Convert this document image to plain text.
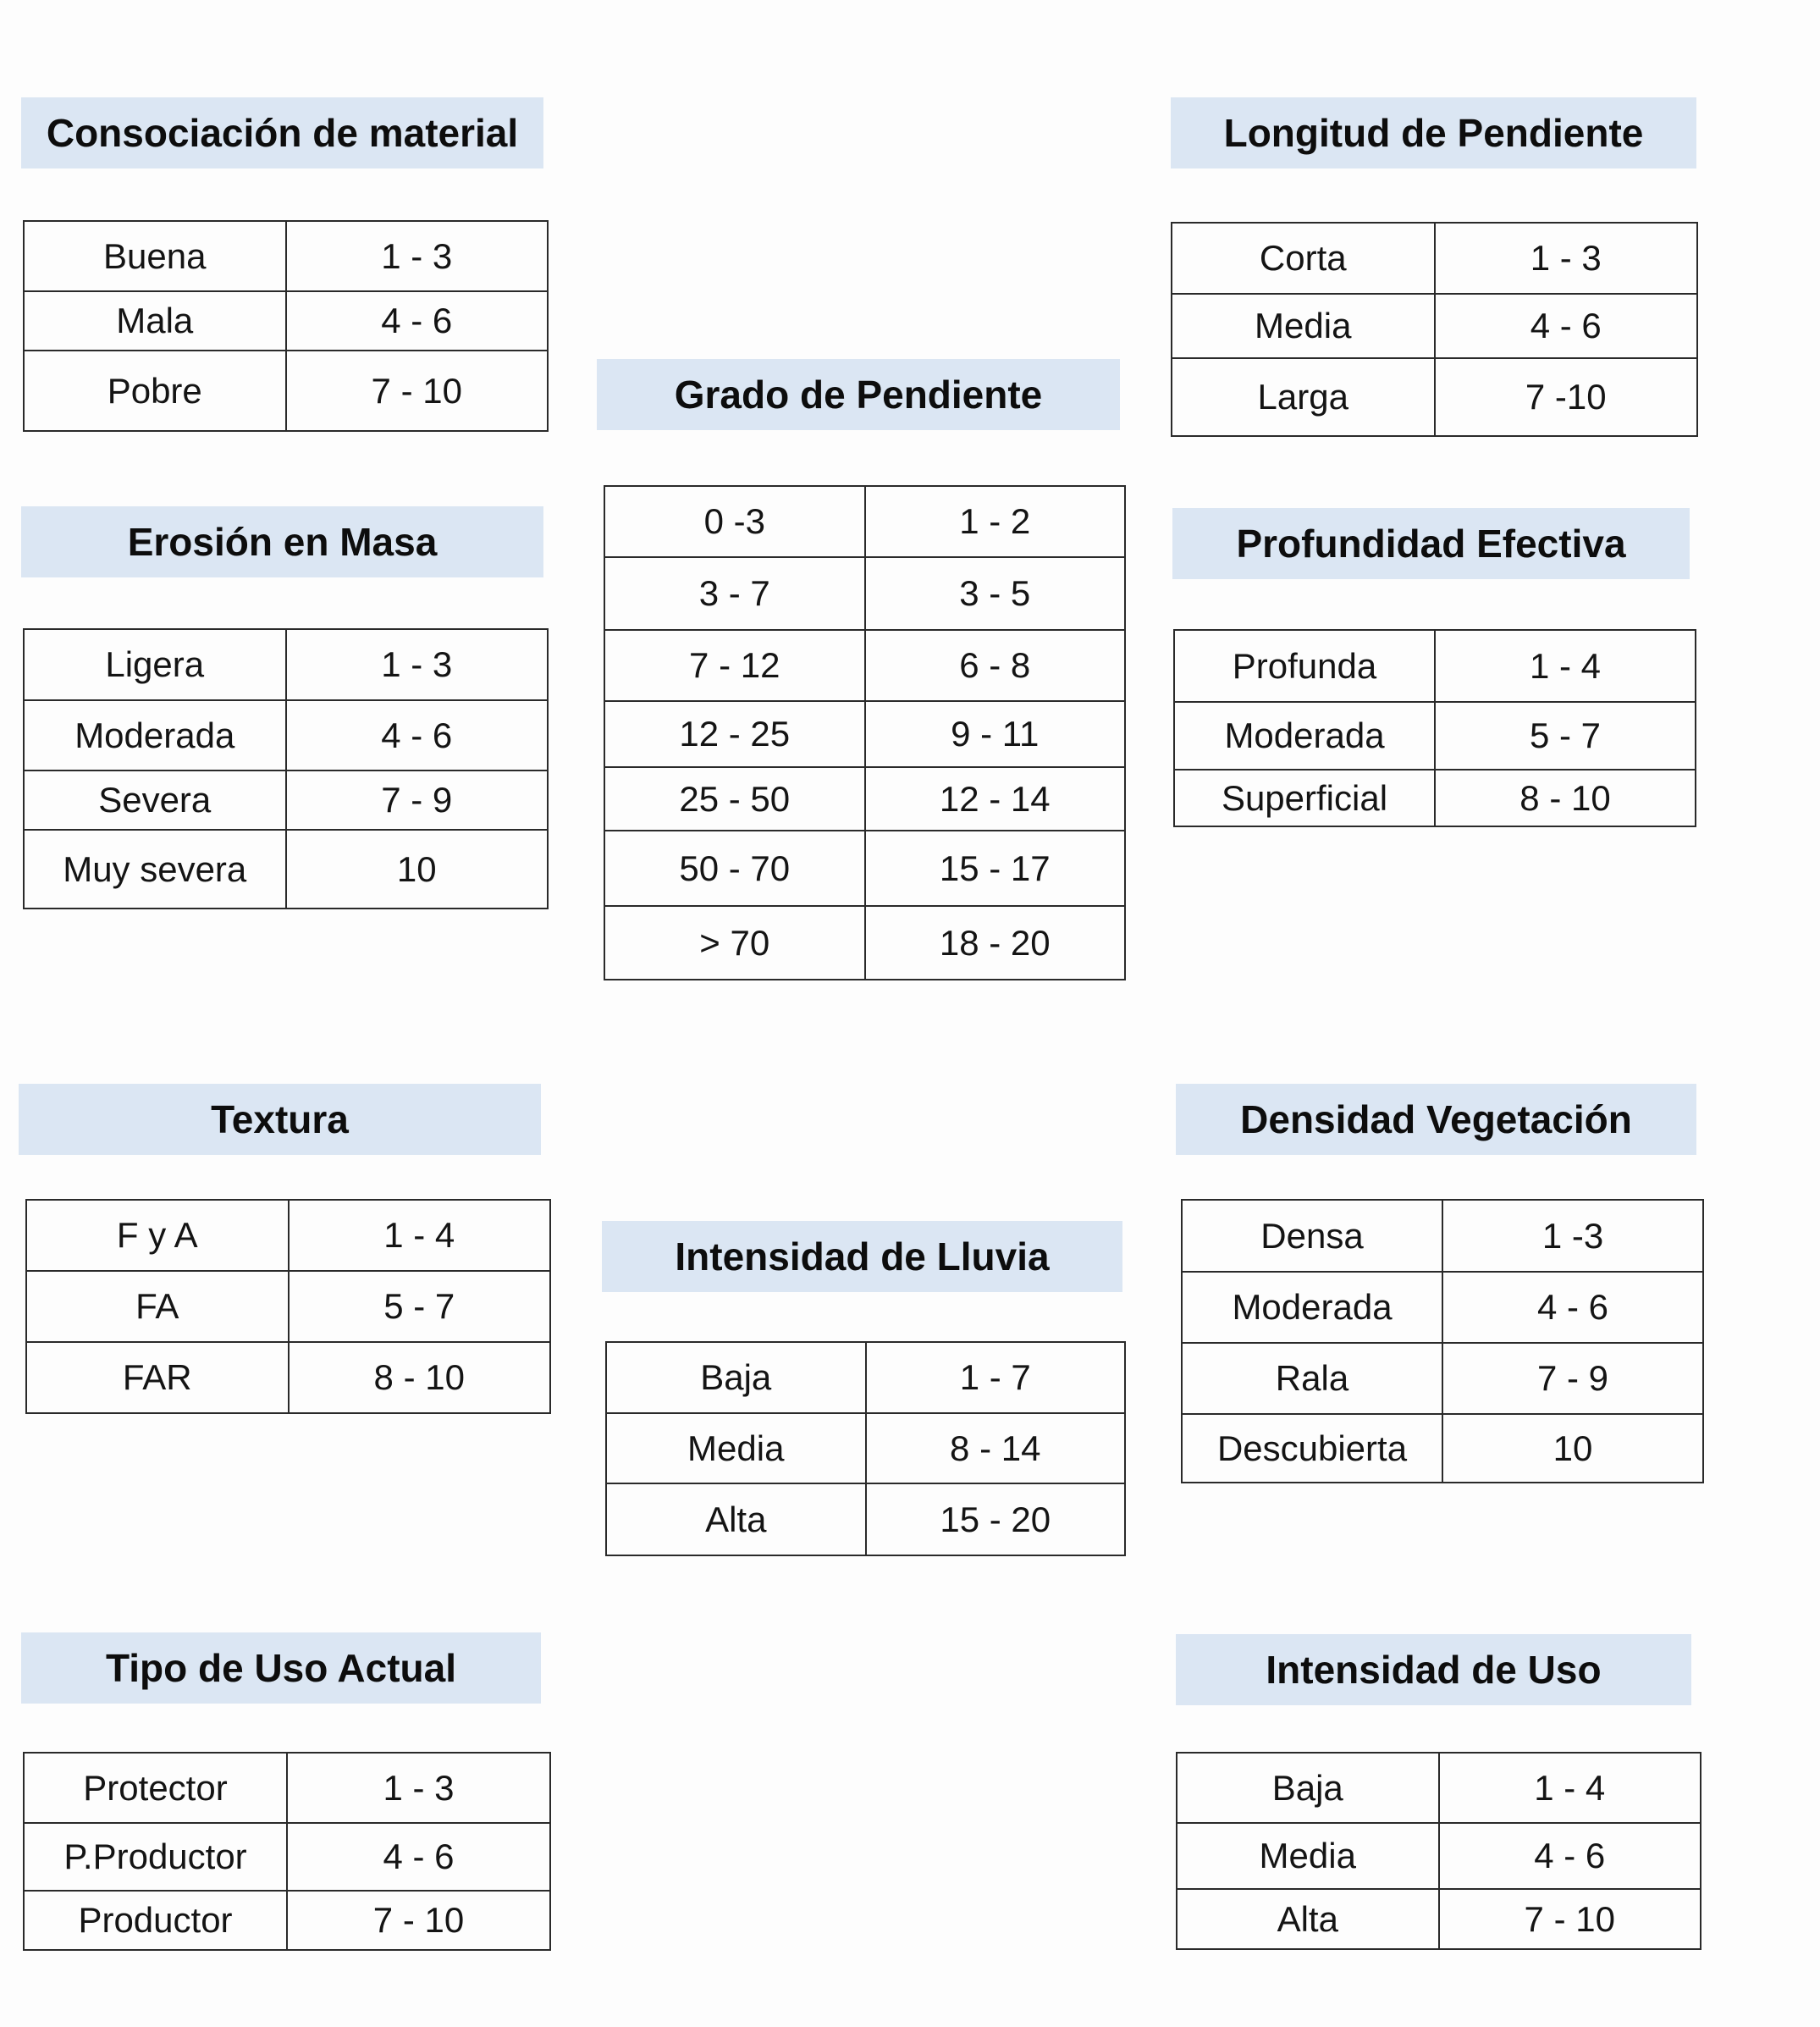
Consociación de material
Buena	1 - 3
Mala	4 - 6
Pobre	7 - 10
Longitud de Pendiente
Corta	1 - 3
Media	4 - 6
Larga	7 -10
Grado de Pendiente
0 -3	1 - 2
3 - 7	3 - 5
7 - 12	6 - 8
12 - 25	9 - 11
25 - 50	12 - 14
50 - 70	15 - 17
> 70	18 - 20
Erosión en Masa
Ligera	1 - 3
Moderada	4 - 6
Severa	7 - 9
Muy severa	10
Profundidad Efectiva
Profunda	1 - 4
Moderada	5 - 7
Superficial	8 - 10
Textura
F y A	1 - 4
FA	5 - 7
FAR	8 - 10
Densidad Vegetación
Densa	1 -3
Moderada	4 - 6
Rala	7 - 9
Descubierta	10
Intensidad de Lluvia
Baja	1 - 7
Media	8 - 14
Alta	15 - 20
Tipo de Uso Actual
Protector	1 - 3
P.Productor	4 - 6
Productor	7 - 10
Intensidad de Uso
Baja	1 - 4
Media	4 - 6
Alta	7 - 10
